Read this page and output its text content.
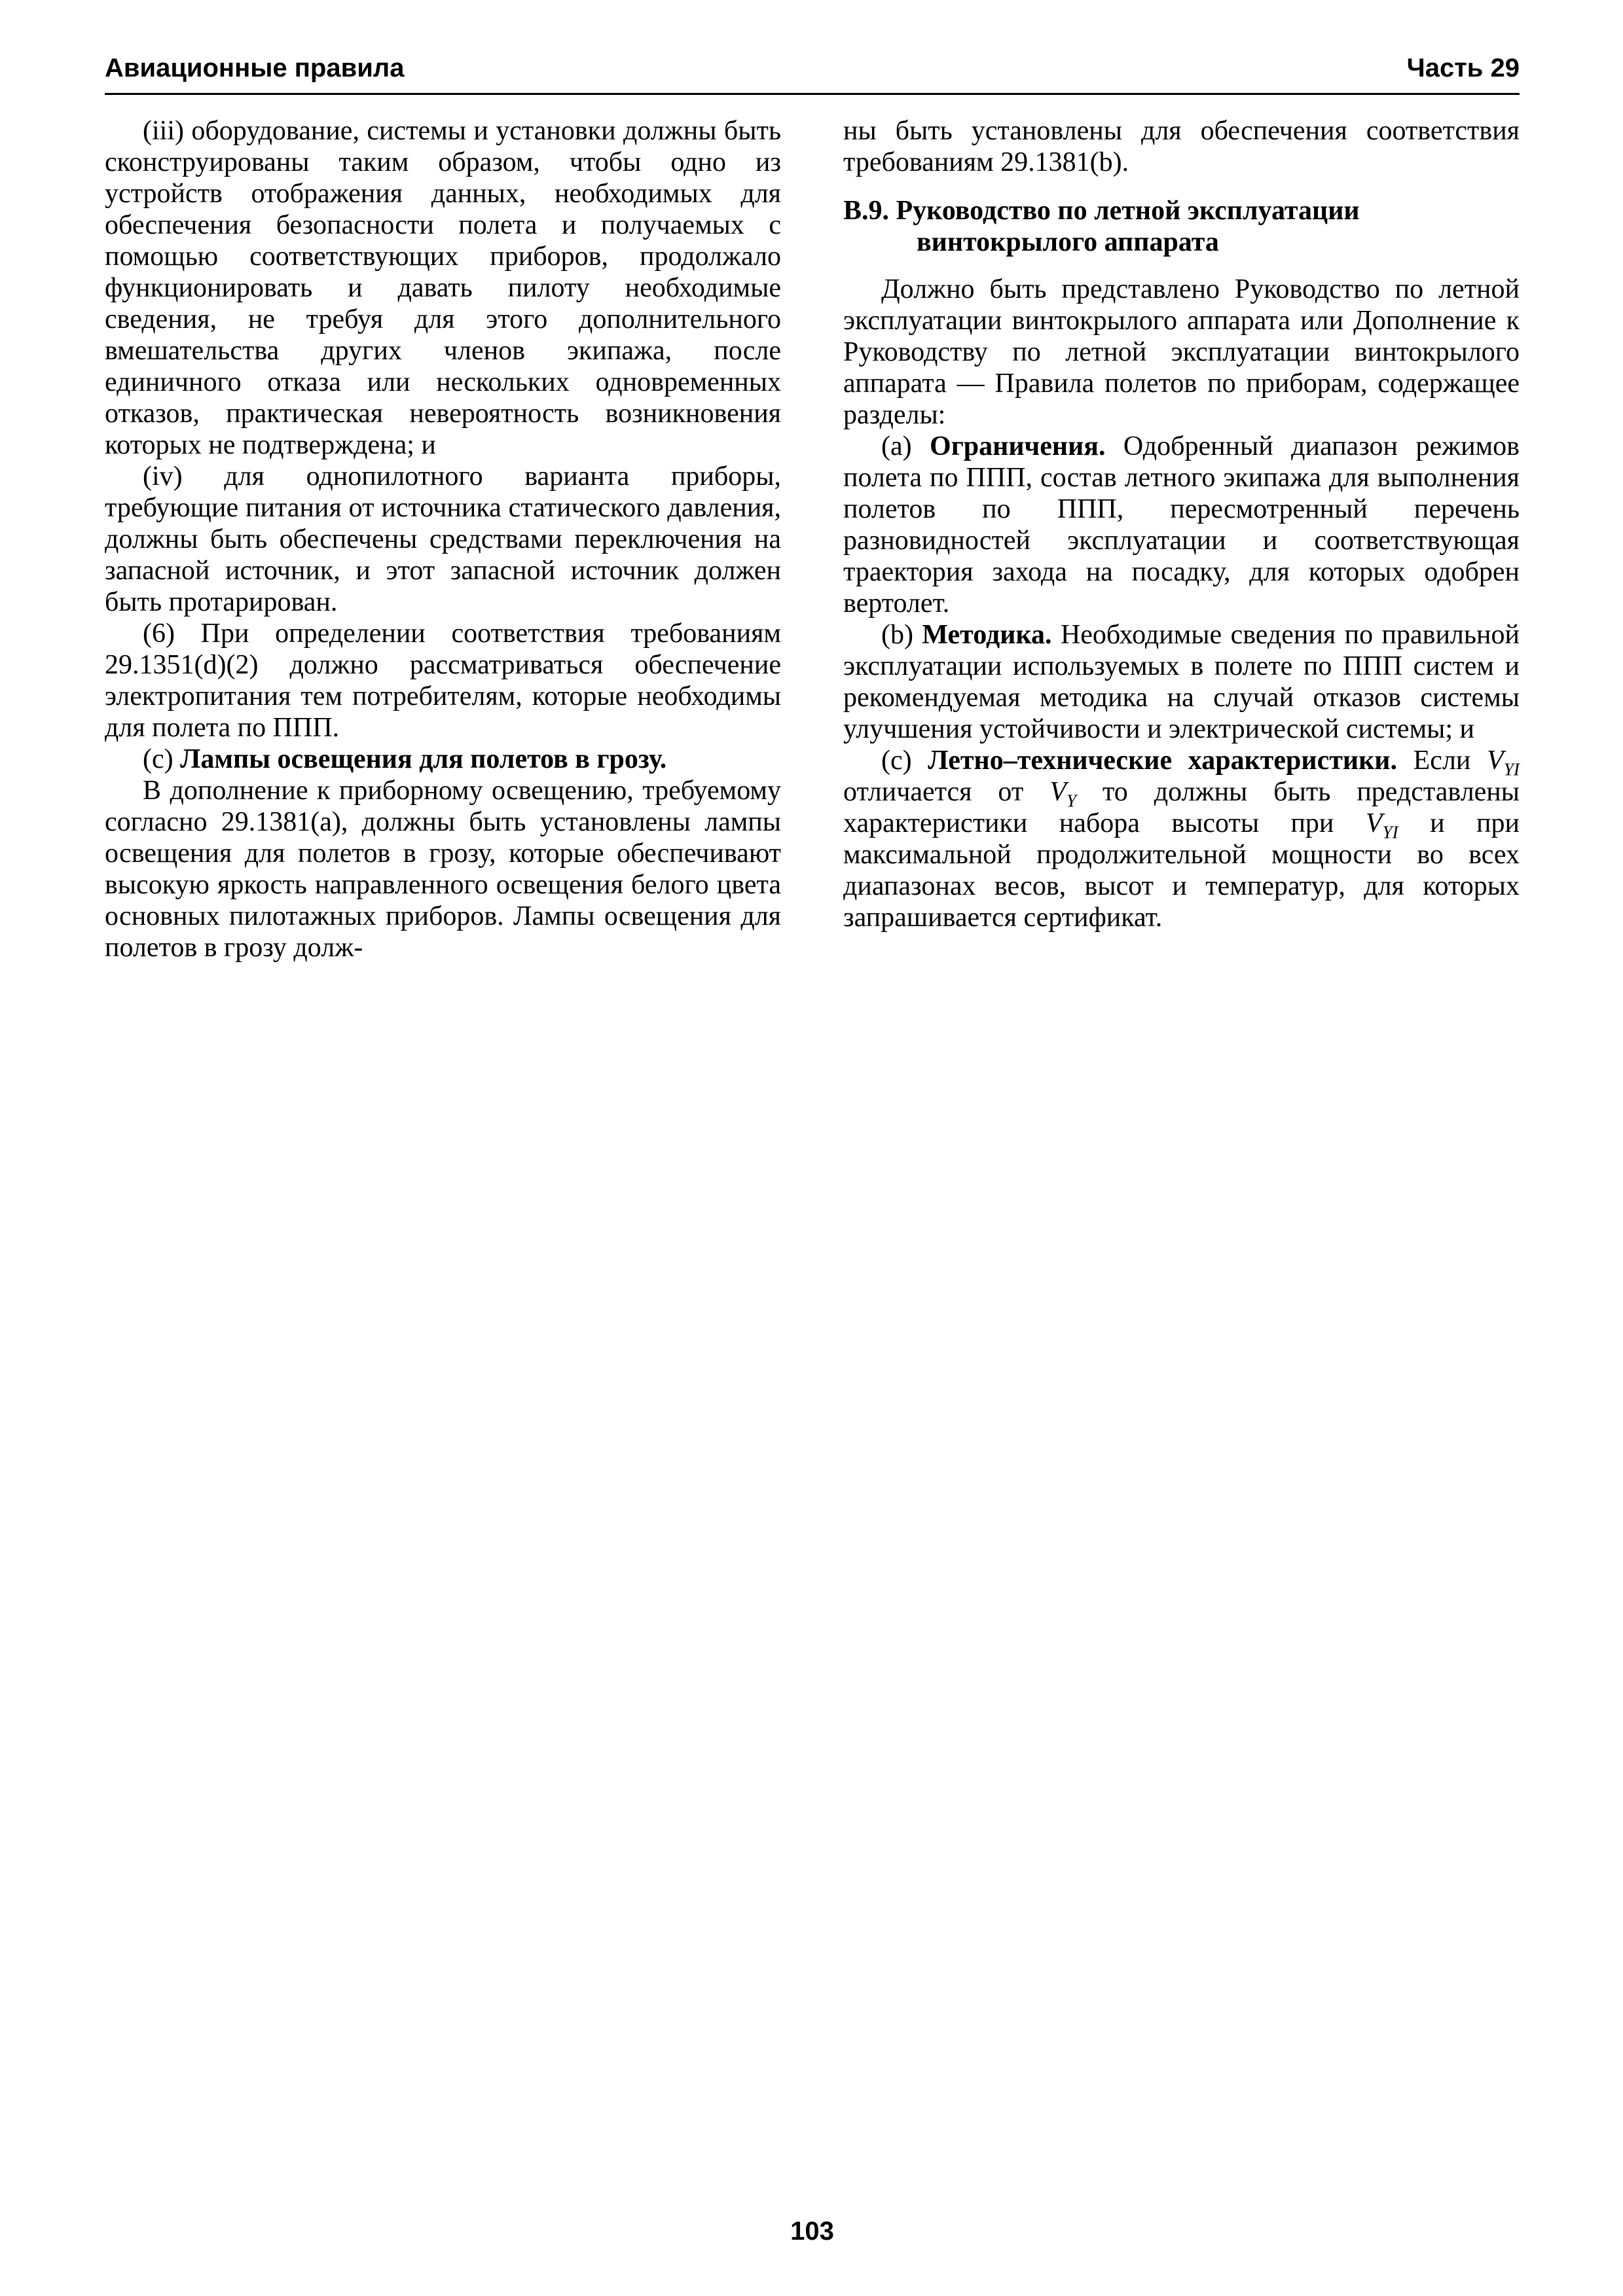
Авиационные правила	Часть 29

(iii) оборудование, системы и установки должны быть сконструированы таким образом, чтобы одно из устройств отображения данных, необходимых для обеспечения безопасности полета и получаемых с помощью соответствующих приборов, продолжало функционировать и давать пилоту необходимые сведения, не требуя для этого дополнительного вмешательства других членов экипажа, после единичного отказа или нескольких одновременных отказов, практическая невероятность возникновения которых не подтверждена; и

(iv) для однопилотного варианта приборы, требующие питания от источника статического давления, должны быть обеспечены средствами переключения на запасной источник, и этот запасной источник должен быть протарирован.

(6) При определении соответствия требованиям 29.1351(d)(2) должно рассматриваться обеспечение электропитания тем потребителям, которые необходимы для полета по ППП.

(c) Лампы освещения для полетов в грозу.

В дополнение к приборному освещению, требуемому согласно 29.1381(a), должны быть установлены лампы освещения для полетов в грозу, которые обеспечивают высокую яркость направленного освещения белого цвета основных пилотажных приборов. Лампы освещения для полетов в грозу долж-

ны быть установлены для обеспечения соответствия требованиям 29.1381(b).

В.9. Руководство по летной эксплуатации винтокрылого аппарата

Должно быть представлено Руководство по летной эксплуатации винтокрылого аппарата или Дополнение к Руководству по летной эксплуатации винтокрылого аппарата — Правила полетов по приборам, содержащее разделы:

(a) Ограничения. Одобренный диапазон режимов полета по ППП, состав летного экипажа для выполнения полетов по ППП, пересмотренный перечень разновидностей эксплуатации и соответствующая траектория захода на посадку, для которых одобрен вертолет.

(b) Методика. Необходимые сведения по правильной эксплуатации используемых в полете по ППП систем и рекомендуемая методика на случай отказов системы улучшения устойчивости и электрической системы; и

(c) Летно–технические характеристики. Если $V_{YI}$ отличается от $V_Y$ то должны быть представлены характеристики набора высоты при $V_{YI}$ и при максимальной продолжительной мощности во всех диапазонах весов, высот и температур, для которых запрашивается сертификат.

103
